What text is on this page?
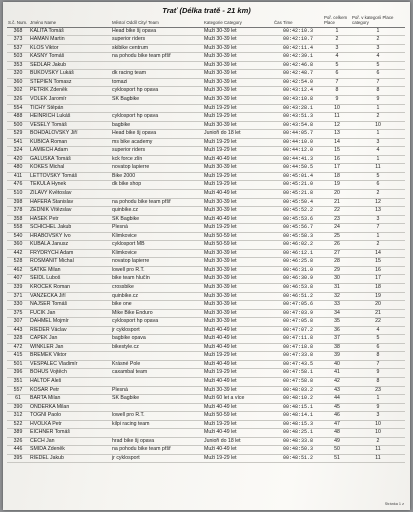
Trať (Délka tratě - 21 km)
S.č. Num.	Jméno Name	Město/ Oddíl City/ Team	Kategorie Category	Čas Time	Poř. celkem Place	Poř. v kategorii Place category
368	KALITA Tomáš	Head bike šj opava	Muži 30-39 let	00:42:10.3	1	1
373	HAMAN Martin	superior riders	Muži 30-39 let	00:42:10.7	2	2
537	KLOS Viktor	skibike centrum	Muži 30-39 let	00:42:11.4	3	3
503	KAŠNÝ Tomáš	na pohodu bike team přšf	Muži 30-39 let	00:42:39.1	4	4
353	SEDLÁR Jakub		Muži 30-39 let	00:42:46.8	5	5
320	BUKOVSKÝ Lukáš	dk racing team	Muži 30-39 let	00:42:48.7	6	6
360	ŠTEPIEN Tomasz	tomazi	Muži 30-39 let	00:42:54.0	7	7
302	PETŘÍK Zdeněk	cyklosport hp opava	Muži 30-39 let	00:43:12.4	8	8
326	VOLEK Jaromír	SK Bagbike	Muži 30-39 let	00:43:10.8	9	9
554	TICHÝ Štěpán		Muži 19-29 let	00:43:28.1	10	1
488	HEINRICH Lukáš	cyklosport hp opava	Muži 19-29 let	00:43:51.3	11	2
500	VESELÝ Tomáš	bagbike	Muži 30-39 let	00:43:54.8	12	10
529	BOHDALOVSKÝ Jiří	Head bike šj opava	Junioři do 18 let	00:44:05.7	13	1
541	KUBICA Roman	ms bike academy	Muži 19-29 let	00:44:10.0	14	3
324	LAMIECH Adam	superior riders	Muži 19-29 let	00:44:12.0	15	4
420	GALUŠKA Tomáš	kck force zlín	Muži 40-49 let	00:44:41.3	16	1
480	KOKEŠ Michal	novatop lapierre	Muži 30-39 let	00:44:50.5	17	11
411	LETTOVSKÝ Tomáš	Bike 2000	Muži 19-29 let	00:45:01.4	18	5
476	TEKULA Hynek	dk bike shop	Muži 19-29 let	00:45:21.0	19	6
510	ŽILAVÝ Květoslav		Muži 40-49 let	00:45:21.8	20	2
398	HAFERA Stanislav	na pohodu bike team přšf	Muži 30-39 let	00:45:50.4	21	12
378	ZEDNÍK Vítězslav	quinbike.cz	Muži 30-39 let	00:45:52.2	22	13
358	HAŠEK Petr	SK Bagbike	Muži 40-49 let	00:45:53.6	23	3
558	SCHICHEL Jakub	Plesná	Muži 19-29 let	00:45:56.7	24	7
540	HRABOVSKÝ Ivo	Klimkovice	Muži 50-59 let	00:45:58.3	25	1
360	KUBALA Janusz	cyklosport MB	Muži 50-59 let	00:46:02.2	26	2
442	FRYDRYCH Adam	Klimkovice	Muži 30-39 let	00:46:12.1	27	14
528	ROSMANIT Michal	novatop lapierre	Muži 30-39 let	00:46:25.8	28	15
462	SATKE Milan	lowell pro R.T.	Muži 30-39 let	00:46:31.0	29	16
407	SEIDL Luboš	bike team hlučín	Muži 30-39 let	00:46:30.9	30	17
339	KROČEK Roman	crossbike	Muži 30-39 let	00:46:53.8	31	18
371	VANZEČKA Jiří	quinbike.cz	Muži 30-39 let	00:46:51.2	32	19
330	NAJSER Tomáš	bike one	Muži 30-39 let	00:47:05.6	33	20
375	FUČÍK Jan	Mike Bike Enduro	Muži 30-39 let	00:47:03.9	34	21
307	DAHMEL Mojmír	cyklosport hp opava	Muži 30-39 let	00:47:05.8	35	22
443	RIEDER Václav	jr cyklosport	Muži 40-49 let	00:47:07.2	36	4
328	ČAPEK Jan	bagbike opava	Muži 40-49 let	00:47:11.8	37	5
472	WINKLER Jan	bikestyle.cz	Muži 40-49 let	00:47:18.8	38	6
415	BŘEMEK Viktor		Muži 19-29 let	00:47:33.8	39	8
501	VESPALEC Vladimír	Krásné Pole	Muži 40-49 let	00:47:43.5	40	7
396	BOHUŠ Vojtěch	caxambal team	Muži 19-29 let	00:47:58.1	41	9
351	HALTOF Aleš		Muži 40-49 let	00:47:58.8	42	8
557	KOŠAŘ Petr	Plesná	Muži 30-39 let	00:48:03.2	43	23
61	BÁRTA Milan	SK Bagbike	Muži 60 let a více	00:48:10.2	44	1
390	ONDERKA Milan		Muži 40-49 let	00:48:15.1	45	9
312	TOGNI Paolo	lowell pro R.T.	Muži 50-59 let	00:48:14.1	46	3
522	HVOLKA Petr	kilpi racing team	Muži 19-29 let	00:48:15.3	47	10
389	EICHNER Tomáš		Muži 40-49 let	00:48:25.1	48	10
326	ČECH Jan	hrad bike šj opava	Junioři do 18 let	00:48:33.8	49	2
446	ŠMÍDA Zdeněk	na pohodu bike team přšf	Muži 40-49 let	00:48:50.3	50	11
395	RIEDEL Jakub	jr cyklosport	Muži 19-29 let	00:48:51.2	51	11
Stránka 1 z
